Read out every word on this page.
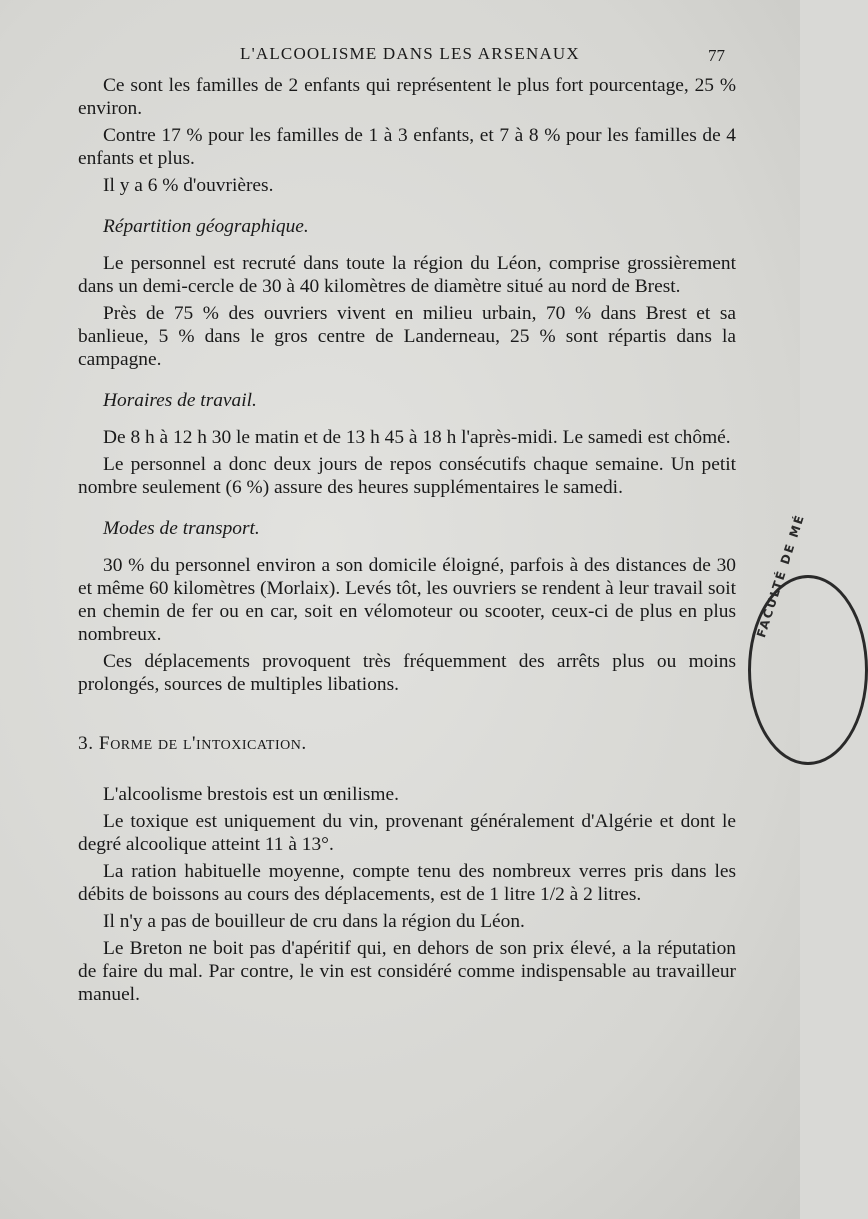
L'ALCOOLISME DANS LES ARSENAUX	77

Ce sont les familles de 2 enfants qui représentent le plus fort pourcentage, 25 % environ.

Contre 17 % pour les familles de 1 à 3 enfants, et 7 à 8 % pour les familles de 4 enfants et plus.

Il y a 6 % d'ouvrières.

Répartition géographique.

Le personnel est recruté dans toute la région du Léon, comprise grossièrement dans un demi-cercle de 30 à 40 kilomètres de diamètre situé au nord de Brest.

Près de 75 % des ouvriers vivent en milieu urbain, 70 % dans Brest et sa banlieue, 5 % dans le gros centre de Landerneau, 25 % sont répartis dans la campagne.

Horaires de travail.

De 8 h à 12 h 30 le matin et de 13 h 45 à 18 h l'après-midi. Le samedi est chômé.

Le personnel a donc deux jours de repos consécutifs chaque semaine. Un petit nombre seulement (6 %) assure des heures supplémentaires le samedi.

Modes de transport.

30 % du personnel environ a son domicile éloigné, parfois à des distances de 30 et même 60 kilomètres (Morlaix). Levés tôt, les ouvriers se rendent à leur travail soit en chemin de fer ou en car, soit en vélomoteur ou scooter, ceux-ci de plus en plus nombreux.

Ces déplacements provoquent très fréquemment des arrêts plus ou moins prolongés, sources de multiples libations.

3. Forme de l'intoxication.

L'alcoolisme brestois est un œnilisme.

Le toxique est uniquement du vin, provenant généralement d'Algérie et dont le degré alcoolique atteint 11 à 13°.

La ration habituelle moyenne, compte tenu des nombreux verres pris dans les débits de boissons au cours des déplacements, est de 1 litre 1/2 à 2 litres.

Il n'y a pas de bouilleur de cru dans la région du Léon.

Le Breton ne boit pas d'apéritif qui, en dehors de son prix élevé, a la réputation de faire du mal. Par contre, le vin est considéré comme indispensable au travailleur manuel.

FACULTÉ DE MÉ
